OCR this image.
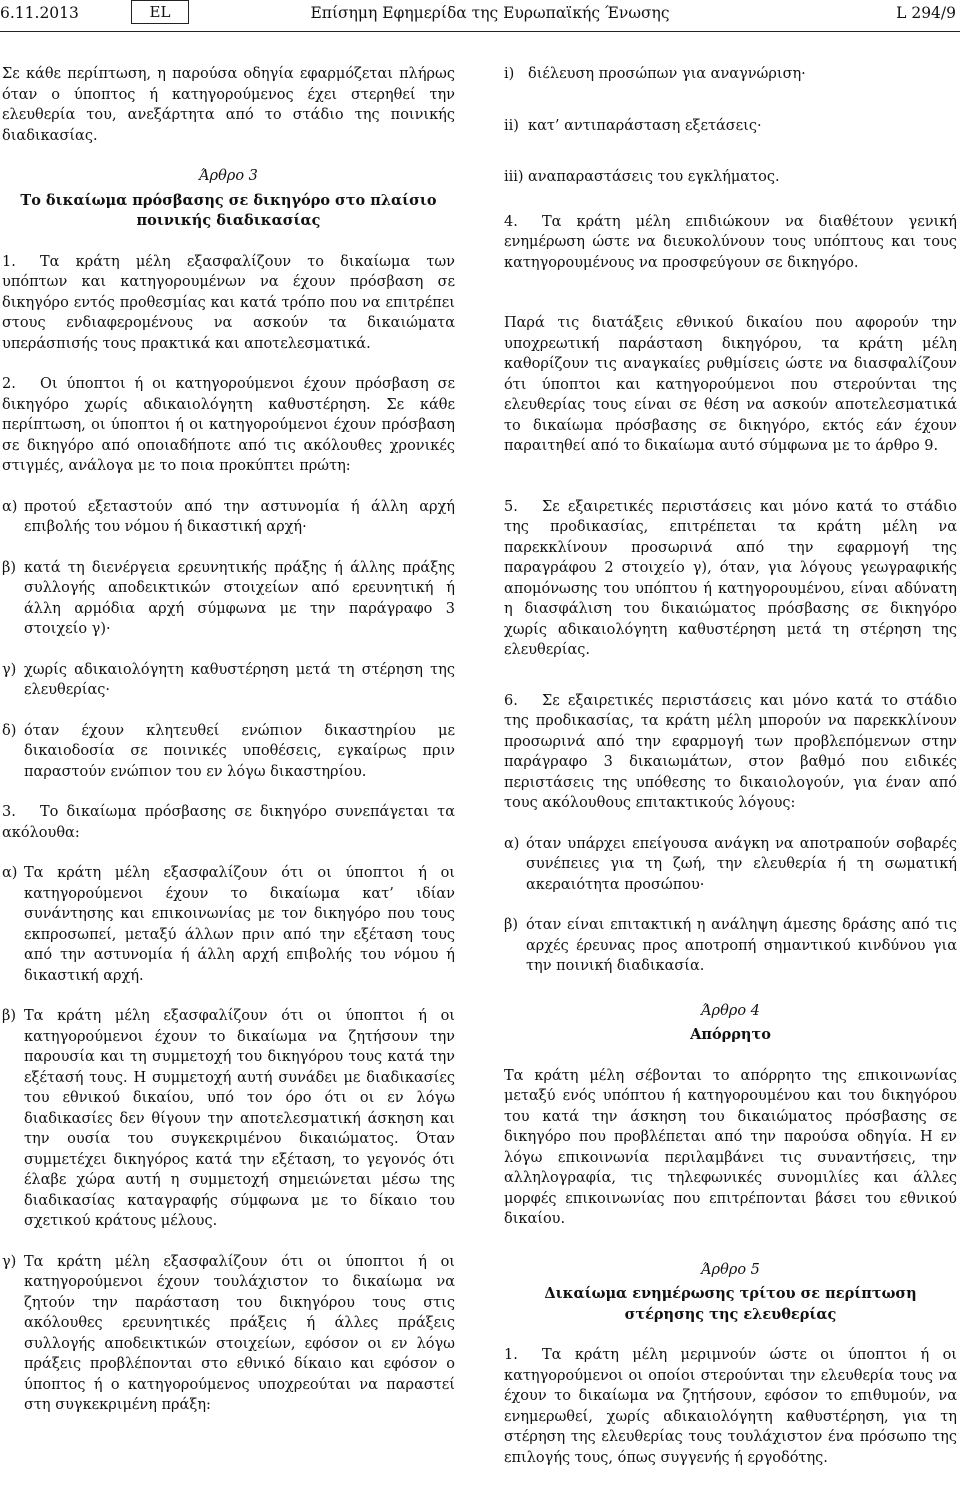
6.11.2013	EL	Επίσημη Εφημερίδα της Ευρωπαϊκής Ένωσης	L 294/9

Σε κάθε περίπτωση, η παρούσα οδηγία εφαρμόζεται πλήρως όταν ο ύποπτος ή κατηγορούμενος έχει στερηθεί την ελευθερία του, ανεξάρτητα από το στάδιο της ποινικής διαδικασίας.

Άρθρο 3
Το δικαίωμα πρόσβασης σε δικηγόρο στο πλαίσιο ποινικής διαδικασίας
1. Τα κράτη μέλη εξασφαλίζουν το δικαίωμα των υπόπτων και κατηγορουμένων να έχουν πρόσβαση σε δικηγόρο εντός προθεσμίας και κατά τρόπο που να επιτρέπει στους ενδιαφερομένους να ασκούν τα δικαιώματα υπεράσπισής τους πρακτικά και αποτελεσματικά.
2. Οι ύποπτοι ή οι κατηγορούμενοι έχουν πρόσβαση σε δικηγόρο χωρίς αδικαιολόγητη καθυστέρηση. Σε κάθε περίπτωση, οι ύποπτοι ή οι κατηγορούμενοι έχουν πρόσβαση σε δικηγόρο από οποιαδήποτε από τις ακόλουθες χρονικές στιγμές, ανάλογα με το ποια προκύπτει πρώτη:
α) προτού εξεταστούν από την αστυνομία ή άλλη αρχή επιβολής του νόμου ή δικαστική αρχή·
β) κατά τη διενέργεια ερευνητικής πράξης ή άλλης πράξης συλλογής αποδεικτικών στοιχείων από ερευνητική ή άλλη αρμόδια αρχή σύμφωνα με την παράγραφο 3 στοιχείο γ)·
γ) χωρίς αδικαιολόγητη καθυστέρηση μετά τη στέρηση της ελευθερίας·
δ) όταν έχουν κλητευθεί ενώπιον δικαστηρίου με δικαιοδοσία σε ποινικές υποθέσεις, εγκαίρως πριν παραστούν ενώπιον του εν λόγω δικαστηρίου.
3. Το δικαίωμα πρόσβασης σε δικηγόρο συνεπάγεται τα ακόλουθα:
α) Τα κράτη μέλη εξασφαλίζουν ότι οι ύποπτοι ή οι κατηγορούμενοι έχουν το δικαίωμα κατ’ ιδίαν συνάντησης και επικοινωνίας με τον δικηγόρο που τους εκπροσωπεί, μεταξύ άλλων πριν από την εξέταση τους από την αστυνομία ή άλλη αρχή επιβολής του νόμου ή δικαστική αρχή.
β) Τα κράτη μέλη εξασφαλίζουν ότι οι ύποπτοι ή οι κατηγορούμενοι έχουν το δικαίωμα να ζητήσουν την παρουσία και τη συμμετοχή του δικηγόρου τους κατά την εξέτασή τους. Η συμμετοχή αυτή συνάδει με διαδικασίες του εθνικού δικαίου, υπό τον όρο ότι οι εν λόγω διαδικασίες δεν θίγουν την αποτελεσματική άσκηση και την ουσία του συγκεκριμένου δικαιώματος. Όταν συμμετέχει δικηγόρος κατά την εξέταση, το γεγονός ότι έλαβε χώρα αυτή η συμμετοχή σημειώνεται μέσω της διαδικασίας καταγραφής σύμφωνα με το δίκαιο του σχετικού κράτους μέλους.
γ) Τα κράτη μέλη εξασφαλίζουν ότι οι ύποπτοι ή οι κατηγορούμενοι έχουν τουλάχιστον το δικαίωμα να ζητούν την παράσταση του δικηγόρου τους στις ακόλουθες ερευνητικές πράξεις ή άλλες πράξεις συλλογής αποδεικτικών στοιχείων, εφόσον οι εν λόγω πράξεις προβλέπονται στο εθνικό δίκαιο και εφόσον ο ύποπτος ή ο κατηγορούμενος υποχρεούται να παραστεί στη συγκεκριμένη πράξη:
i) διέλευση προσώπων για αναγνώριση·
ii) κατ’ αντιπαράσταση εξετάσεις·
iii) αναπαραστάσεις του εγκλήματος.
4. Τα κράτη μέλη επιδιώκουν να διαθέτουν γενική ενημέρωση ώστε να διευκολύνουν τους υπόπτους και τους κατηγορουμένους να προσφεύγουν σε δικηγόρο.

Παρά τις διατάξεις εθνικού δικαίου που αφορούν την υποχρεωτική παράσταση δικηγόρου, τα κράτη μέλη καθορίζουν τις αναγκαίες ρυθμίσεις ώστε να διασφαλίζουν ότι ύποπτοι και κατηγορούμενοι που στερούνται της ελευθερίας τους είναι σε θέση να ασκούν αποτελεσματικά το δικαίωμα πρόσβασης σε δικηγόρο, εκτός εάν έχουν παραιτηθεί από το δικαίωμα αυτό σύμφωνα με το άρθρο 9.

5. Σε εξαιρετικές περιστάσεις και μόνο κατά το στάδιο της προδικασίας, επιτρέπεται τα κράτη μέλη να παρεκκλίνουν προσωρινά από την εφαρμογή της παραγράφου 2 στοιχείο γ), όταν, για λόγους γεωγραφικής απομόνωσης του υπόπτου ή κατηγορουμένου, είναι αδύνατη η διασφάλιση του δικαιώματος πρόσβασης σε δικηγόρο χωρίς αδικαιολόγητη καθυστέρηση μετά τη στέρηση της ελευθερίας.
6. Σε εξαιρετικές περιστάσεις και μόνο κατά το στάδιο της προδικασίας, τα κράτη μέλη μπορούν να παρεκκλίνουν προσωρινά από την εφαρμογή των προβλεπόμενων στην παράγραφο 3 δικαιωμάτων, στον βαθμό που ειδικές περιστάσεις της υπόθεσης το δικαιολογούν, για έναν από τους ακόλουθους επιτακτικούς λόγους:
α) όταν υπάρχει επείγουσα ανάγκη να αποτραπούν σοβαρές συνέπειες για τη ζωή, την ελευθερία ή τη σωματική ακεραιότητα προσώπου·
β) όταν είναι επιτακτική η ανάληψη άμεσης δράσης από τις αρχές έρευνας προς αποτροπή σημαντικού κινδύνου για την ποινική διαδικασία.
Άρθρο 4
Απόρρητο

Τα κράτη μέλη σέβονται το απόρρητο της επικοινωνίας μεταξύ ενός υπόπτου ή κατηγορουμένου και του δικηγόρου του κατά την άσκηση του δικαιώματος πρόσβασης σε δικηγόρο που προβλέπεται από την παρούσα οδηγία. Η εν λόγω επικοινωνία περιλαμβάνει τις συναντήσεις, την αλληλογραφία, τις τηλεφωνικές συνομιλίες και άλλες μορφές επικοινωνίας που επιτρέπονται βάσει του εθνικού δικαίου.

Άρθρο 5
Δικαίωμα ενημέρωσης τρίτου σε περίπτωση στέρησης της ελευθερίας
1. Τα κράτη μέλη μεριμνούν ώστε οι ύποπτοι ή οι κατηγορούμενοι οι οποίοι στερούνται την ελευθερία τους να έχουν το δικαίωμα να ζητήσουν, εφόσον το επιθυμούν, να ενημερωθεί, χωρίς αδικαιολόγητη καθυστέρηση, για τη στέρηση της ελευθερίας τους τουλάχιστον ένα πρόσωπο της επιλογής τους, όπως συγγενής ή εργοδότης.
